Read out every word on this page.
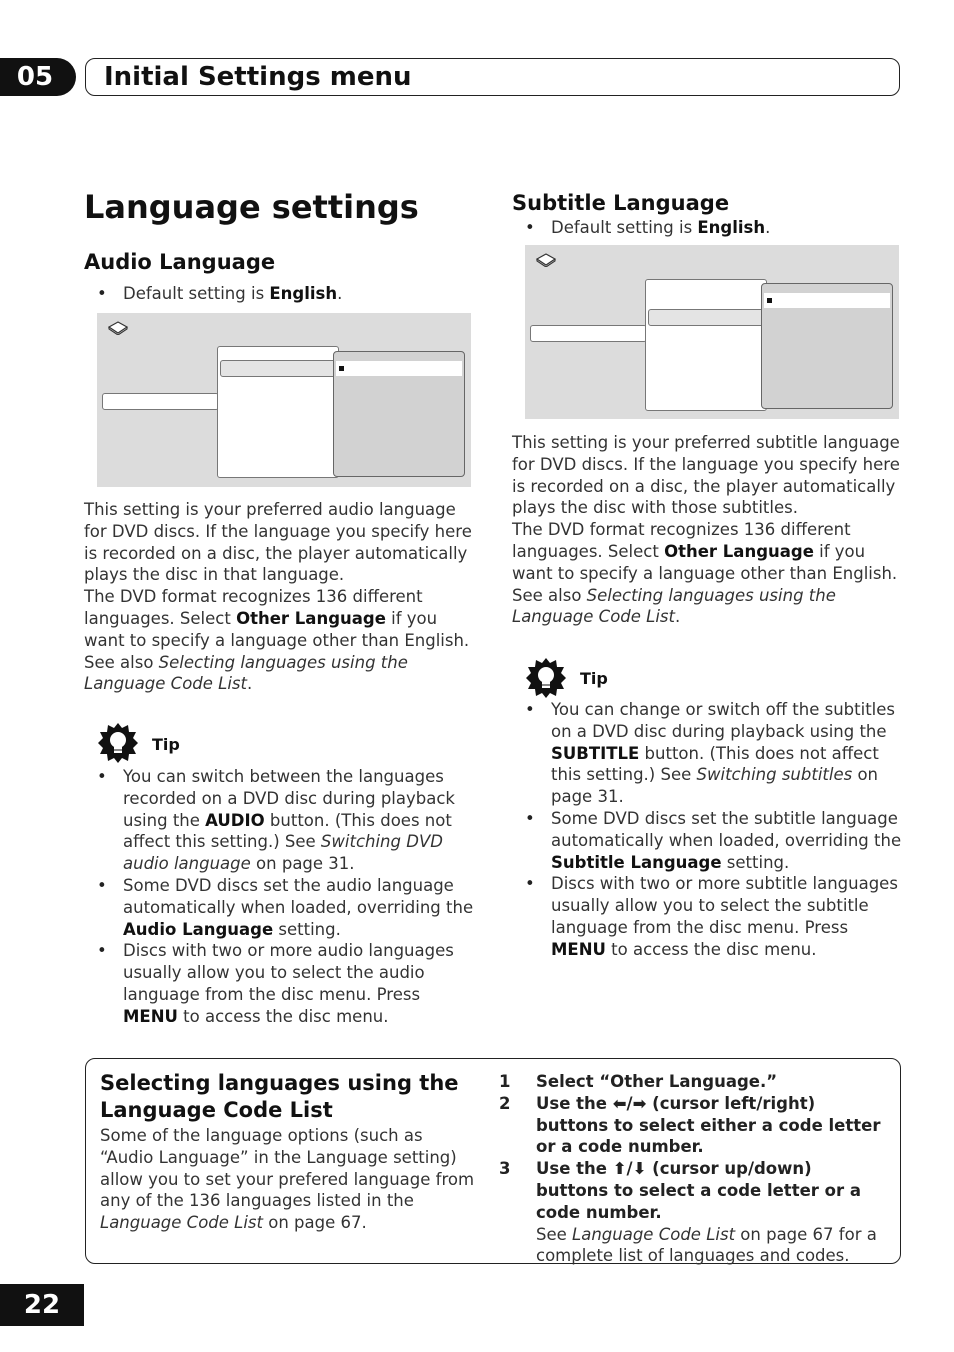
05	Initial Settings menu
Language settings
Audio Language
• Default setting is English.
This setting is your preferred audio language for DVD discs. If the language you specify here is recorded on a disc, the player automatically plays the disc in that language.
The DVD format recognizes 136 different languages. Select Other Language if you want to specify a language other than English. See also Selecting languages using the Language Code List.
Tip
• You can switch between the languages recorded on a DVD disc during playback using the AUDIO button. (This does not affect this setting.) See Switching DVD audio language on page 31.
• Some DVD discs set the audio language automatically when loaded, overriding the Audio Language setting.
• Discs with two or more audio languages usually allow you to select the audio language from the disc menu. Press MENU to access the disc menu.
Subtitle Language
• Default setting is English.
This setting is your preferred subtitle language for DVD discs. If the language you specify here is recorded on a disc, the player automatically plays the disc with those subtitles.
The DVD format recognizes 136 different languages. Select Other Language if you want to specify a language other than English. See also Selecting languages using the Language Code List.
Tip
• You can change or switch off the subtitles on a DVD disc during playback using the SUBTITLE button. (This does not affect this setting.) See Switching subtitles on page 31.
• Some DVD discs set the subtitle language automatically when loaded, overriding the Subtitle Language setting.
• Discs with two or more subtitle languages usually allow you to select the subtitle language from the disc menu. Press MENU to access the disc menu.
Selecting languages using the Language Code List
Some of the language options (such as “Audio Language” in the Language setting) allow you to set your prefered language from any of the 136 languages listed in the Language Code List on page 67.
1 Select “Other Language.”
2 Use the ⬅/➡ (cursor left/right) buttons to select either a code letter or a code number.
3 Use the ⬆/⬇ (cursor up/down) buttons to select a code letter or a code number.
See Language Code List on page 67 for a complete list of languages and codes.
22
